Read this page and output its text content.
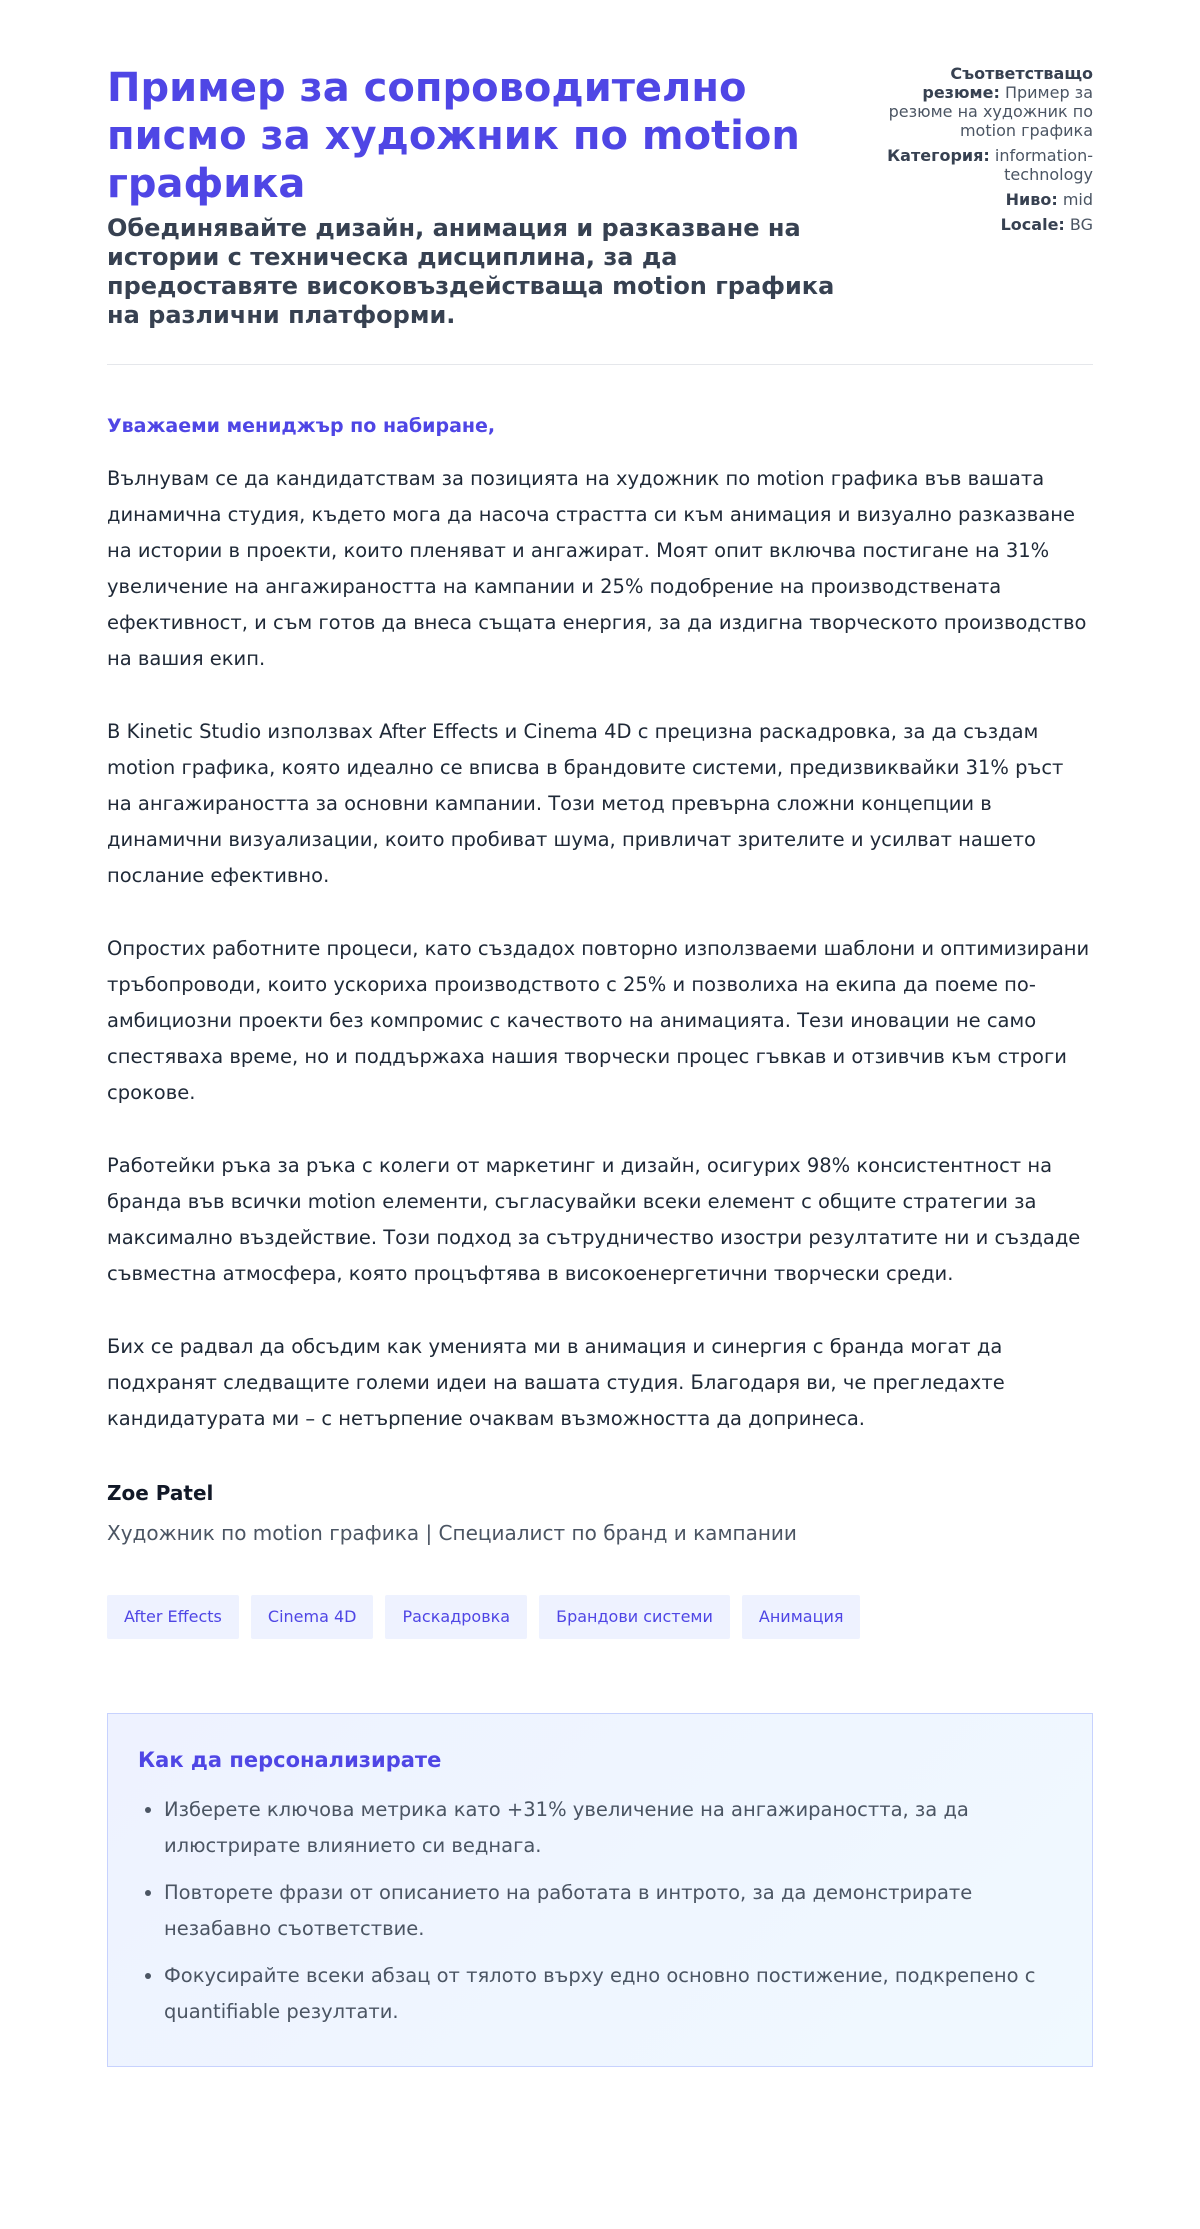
Пример за сопроводително писмо за художник по motion графика
Обединявайте дизайн, анимация и разказване на истории с техническа дисциплина, за да предоставяте високовъздействаща motion графика на различни платформи.
Съответстващо резюме: Пример за резюме на художник по motion графика
Категория: information-technology
Ниво: mid
Locale: BG

Уважаеми мениджър по набиране,

Вълнувам се да кандидатствам за позицията на художник по motion графика във вашата динамична студия, където мога да насоча страстта си към анимация и визуално разказване на истории в проекти, които пленяват и ангажират. Моят опит включва постигане на 31% увеличение на ангажираността на кампании и 25% подобрение на производствената ефективност, и съм готов да внеса същата енергия, за да издигна творческото производство на вашия екип.

В Kinetic Studio използвах After Effects и Cinema 4D с прецизна раскадровка, за да създам motion графика, която идеално се вписва в брандовите системи, предизвиквайки 31% ръст на ангажираността за основни кампании. Този метод превърна сложни концепции в динамични визуализации, които пробиват шума, привличат зрителите и усилват нашето послание ефективно.

Опростих работните процеси, като създадох повторно използваеми шаблони и оптимизирани тръбопроводи, които ускориха производството с 25% и позволиха на екипа да поеме по-амбициозни проекти без компромис с качеството на анимацията. Тези иновации не само спестяваха време, но и поддържаха нашия творчески процес гъвкав и отзивчив към строги срокове.

Работейки ръка за ръка с колеги от маркетинг и дизайн, осигурих 98% консистентност на бранда във всички motion елементи, съгласувайки всеки елемент с общите стратегии за максимално въздействие. Този подход за сътрудничество изостри резултатите ни и създаде съвместна атмосфера, която процъфтява в високоенергетични творчески среди.

Бих се радвал да обсъдим как уменията ми в анимация и синергия с бранда могат да подхранят следващите големи идеи на вашата студия. Благодаря ви, че прегледахте кандидатурата ми – с нетърпение очаквам възможността да допринеса.

Zoe Patel

Художник по motion графика | Специалист по бранд и кампании
After Effects	Cinema 4D	Раскадровка	Брандови системи	Анимация
Как да персонализирате
• Изберете ключова метрика като +31% увеличение на ангажираността, за да илюстрирате влиянието си веднага.
• Повторете фрази от описанието на работата в интрото, за да демонстрирате незабавно съответствие.
• Фокусирайте всеки абзац от тялото върху едно основно постижение, подкрепено с quantifiable резултати.
